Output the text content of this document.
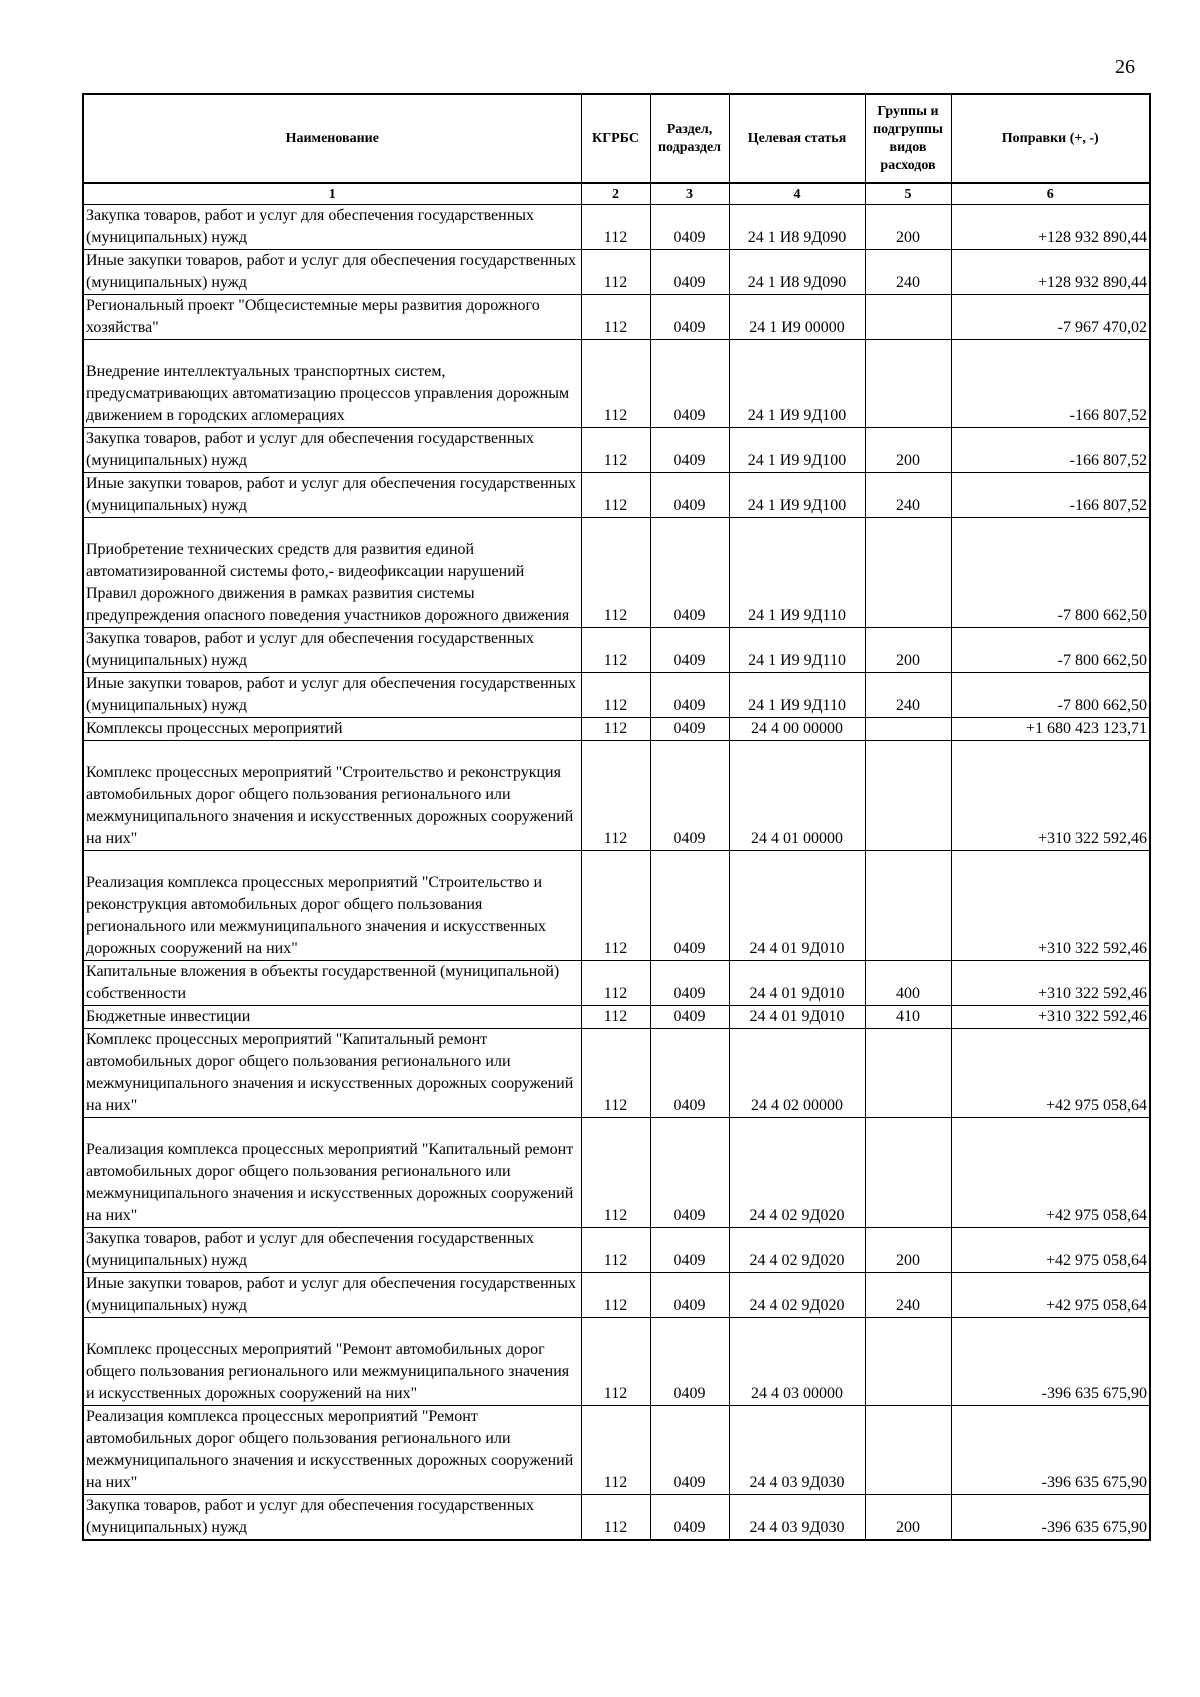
26
Наименование	КГРБС	Раздел, подраздел	Целевая статья	Группы и подгруппы видов расходов	Поправки (+, -)
1	2	3	4	5	6
Закупка товаров, работ и услуг для обеспечения государственных (муниципальных) нужд	112	0409	24 1 И8 9Д090	200	+128 932 890,44
Иные закупки товаров, работ и услуг для обеспечения государственных (муниципальных) нужд	112	0409	24 1 И8 9Д090	240	+128 932 890,44
Региональный проект "Общесистемные меры развития дорожного хозяйства"	112	0409	24 1 И9 00000		-7 967 470,02
Внедрение интеллектуальных транспортных систем, предусматривающих автоматизацию процессов управления дорожным движением в городских агломерациях	112	0409	24 1 И9 9Д100		-166 807,52
Закупка товаров, работ и услуг для обеспечения государственных (муниципальных) нужд	112	0409	24 1 И9 9Д100	200	-166 807,52
Иные закупки товаров, работ и услуг для обеспечения государственных (муниципальных) нужд	112	0409	24 1 И9 9Д100	240	-166 807,52
Приобретение технических средств для развития единой автоматизированной системы фото,- видеофиксации нарушений Правил дорожного движения в рамках развития системы предупреждения опасного поведения участников дорожного движения	112	0409	24 1 И9 9Д110		-7 800 662,50
Закупка товаров, работ и услуг для обеспечения государственных (муниципальных) нужд	112	0409	24 1 И9 9Д110	200	-7 800 662,50
Иные закупки товаров, работ и услуг для обеспечения государственных (муниципальных) нужд	112	0409	24 1 И9 9Д110	240	-7 800 662,50
Комплексы процессных мероприятий	112	0409	24 4 00 00000		+1 680 423 123,71
Комплекс процессных мероприятий "Строительство и реконструкция автомобильных дорог общего пользования регионального или межмуниципального значения и искусственных дорожных сооружений на них"	112	0409	24 4 01 00000		+310 322 592,46
Реализация комплекса процессных мероприятий "Строительство и реконструкция автомобильных дорог общего пользования регионального или межмуниципального значения и искусственных дорожных сооружений на них"	112	0409	24 4 01 9Д010		+310 322 592,46
Капитальные вложения в объекты государственной (муниципальной) собственности	112	0409	24 4 01 9Д010	400	+310 322 592,46
Бюджетные инвестиции	112	0409	24 4 01 9Д010	410	+310 322 592,46
Комплекс процессных мероприятий "Капитальный ремонт автомобильных дорог общего пользования регионального или межмуниципального значения и искусственных дорожных сооружений на них"	112	0409	24 4 02 00000		+42 975 058,64
Реализация комплекса процессных мероприятий "Капитальный ремонт автомобильных дорог общего пользования регионального или межмуниципального значения и искусственных дорожных сооружений на них"	112	0409	24 4 02 9Д020		+42 975 058,64
Закупка товаров, работ и услуг для обеспечения государственных (муниципальных) нужд	112	0409	24 4 02 9Д020	200	+42 975 058,64
Иные закупки товаров, работ и услуг для обеспечения государственных (муниципальных) нужд	112	0409	24 4 02 9Д020	240	+42 975 058,64
Комплекс процессных мероприятий "Ремонт автомобильных дорог общего пользования регионального или межмуниципального значения и искусственных дорожных сооружений на них"	112	0409	24 4 03 00000		-396 635 675,90
Реализация комплекса процессных мероприятий "Ремонт автомобильных дорог общего пользования регионального или межмуниципального значения и искусственных дорожных сооружений на них"	112	0409	24 4 03 9Д030		-396 635 675,90
Закупка товаров, работ и услуг для обеспечения государственных (муниципальных) нужд	112	0409	24 4 03 9Д030	200	-396 635 675,90
